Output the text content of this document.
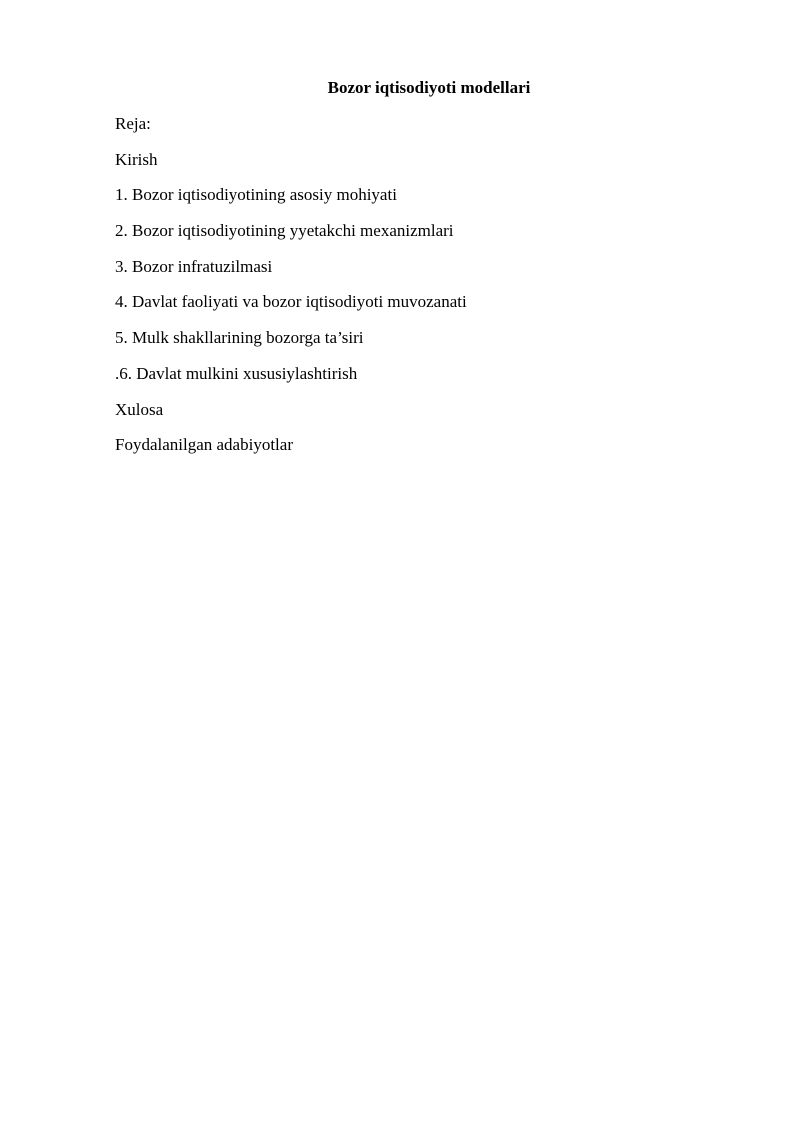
Bozor iqtisodiyoti modellari
Reja:
Kirish
1. Bozor iqtisodiyotining asosiy mohiyati
2. Bozor iqtisodiyotining yyetakchi mexanizmlari
3. Bozor infratuzilmasi
4. Davlat faoliyati va bozor iqtisodiyoti muvozanati
5. Mulk shakllarining bozorga ta’siri
.6. Davlat mulkini xususiylashtirish
Xulosa
Foydalanilgan adabiyotlar
